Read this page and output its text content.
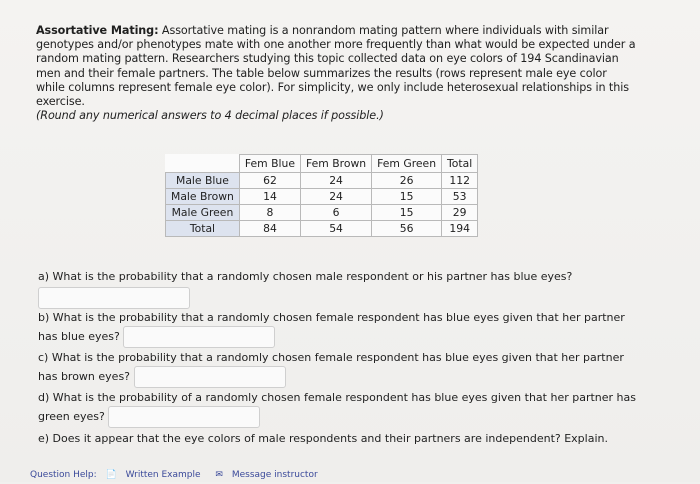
Assortative Mating: Assortative mating is a nonrandom mating pattern where individuals with similar genotypes and/or phenotypes mate with one another more frequently than what would be expected under a random mating pattern. Researchers studying this topic collected data on eye colors of 194 Scandinavian men and their female partners. The table below summarizes the results (rows represent male eye color while columns represent female eye color). For simplicity, we only include heterosexual relationships in this exercise.
(Round any numerical answers to 4 decimal places if possible.)
	Fem Blue	Fem Brown	Fem Green	Total
Male Blue	62	24	26	112
Male Brown	14	24	15	53
Male Green	8	6	15	29
Total	84	54	56	194
a) What is the probability that a randomly chosen male respondent or his partner has blue eyes?
b) What is the probability that a randomly chosen female respondent has blue eyes given that her partner
has blue eyes?
c) What is the probability that a randomly chosen female respondent has blue eyes given that her partner
has brown eyes?
d) What is the probability of a randomly chosen female respondent has blue eyes given that her partner has
green eyes?
e) Does it appear that the eye colors of male respondents and their partners are independent? Explain.
Question Help: 📄 Written Example ✉ Message instructor
